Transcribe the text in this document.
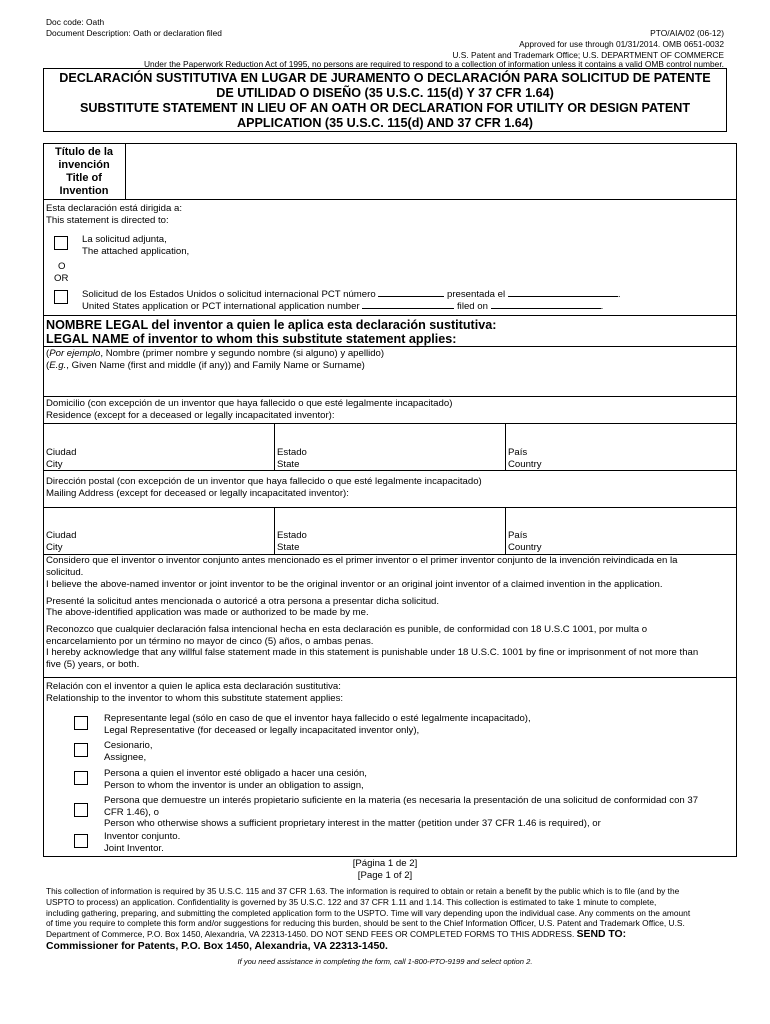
Doc code: Oath
Document Description: Oath or declaration filed	PTO/AIA/02 (06-12)
Approved for use through 01/31/2014. OMB 0651-0032
U.S. Patent and Trademark Office; U.S. DEPARTMENT OF COMMERCE
Under the Paperwork Reduction Act of 1995, no persons are required to respond to a collection of information unless it contains a valid OMB control number.
DECLARACIÓN SUSTITUTIVA EN LUGAR DE JURAMENTO O DECLARACIÓN PARA SOLICITUD DE PATENTE
DE UTILIDAD O DISEÑO (35 U.S.C. 115(d) Y 37 CFR 1.64)
SUBSTITUTE STATEMENT IN LIEU OF AN OATH OR DECLARATION FOR UTILITY OR DESIGN PATENT
APPLICATION (35 U.S.C. 115(d) AND 37 CFR 1.64)
Título de la
invención
Title of
Invention
Esta declaración está dirigida a:
This statement is directed to:
La solicitud adjunta,
The attached application,
O
OR
Solicitud de los Estados Unidos o solicitud internacional PCT número	presentada el	.
United States application or PCT international application number	filed on	.
NOMBRE LEGAL del inventor a quien le aplica esta declaración sustitutiva:
LEGAL NAME of inventor to whom this substitute statement applies:
(Por ejemplo, Nombre (primer nombre y segundo nombre (si alguno) y apellido)
(E.g., Given Name (first and middle (if any)) and Family Name or Surname)
Domicilio (con excepción de un inventor que haya fallecido o que esté legalmente incapacitado)
Residence (except for a deceased or legally incapacitated inventor):
Ciudad
City
Estado
State
País
Country
Dirección postal (con excepción de un inventor que haya fallecido o que esté legalmente incapacitado)
Mailing Address (except for deceased or legally incapacitated inventor):
Ciudad
City
Estado
State
País
Country
Considero que el inventor o inventor conjunto antes mencionado es el primer inventor o el primer inventor conjunto de la invención reivindicada en la
solicitud.
I believe the above-named inventor or joint inventor to be the original inventor or an original joint inventor of a claimed invention in the application.
Presenté la solicitud antes mencionada o autoricé a otra persona a presentar dicha solicitud.
The above-identified application was made or authorized to be made by me.
Reconozco que cualquier declaración falsa intencional hecha en esta declaración es punible, de conformidad con 18 U.S.C 1001, por multa o
encarcelamiento por un término no mayor de cinco (5) años, o ambas penas.
I hereby acknowledge that any willful false statement made in this statement is punishable under 18 U.S.C. 1001 by fine or imprisonment of not more than
five (5) years, or both.
Relación con el inventor a quien le aplica esta declaración sustitutiva:
Relationship to the inventor to whom this substitute statement applies:
Representante legal (sólo en caso de que el inventor haya fallecido o esté legalmente incapacitado),
Legal Representative (for deceased or legally incapacitated inventor only),
Cesionario,
Assignee,
Persona a quien el inventor esté obligado a hacer una cesión,
Person to whom the inventor is under an obligation to assign,
Persona que demuestre un interés propietario suficiente en la materia (es necesaria la presentación de una solicitud de conformidad con 37
CFR 1.46), o
Person who otherwise shows a sufficient proprietary interest in the matter (petition under 37 CFR 1.46 is required), or
Inventor conjunto.
Joint Inventor.
[Página 1 de 2]
[Page 1 of 2]
This collection of information is required by 35 U.S.C. 115 and 37 CFR 1.63. The information is required to obtain or retain a benefit by the public which is to file (and by the
USPTO to process) an application. Confidentiality is governed by 35 U.S.C. 122 and 37 CFR 1.11 and 1.14. This collection is estimated to take 1 minute to complete,
including gathering, preparing, and submitting the completed application form to the USPTO. Time will vary depending upon the individual case. Any comments on the amount
of time you require to complete this form and/or suggestions for reducing this burden, should be sent to the Chief Information Officer, U.S. Patent and Trademark Office, U.S.
Department of Commerce, P.O. Box 1450, Alexandria, VA 22313-1450. DO NOT SEND FEES OR COMPLETED FORMS TO THIS ADDRESS. SEND TO:
Commissioner for Patents, P.O. Box 1450, Alexandria, VA 22313-1450.
If you need assistance in completing the form, call 1-800-PTO-9199 and select option 2.
